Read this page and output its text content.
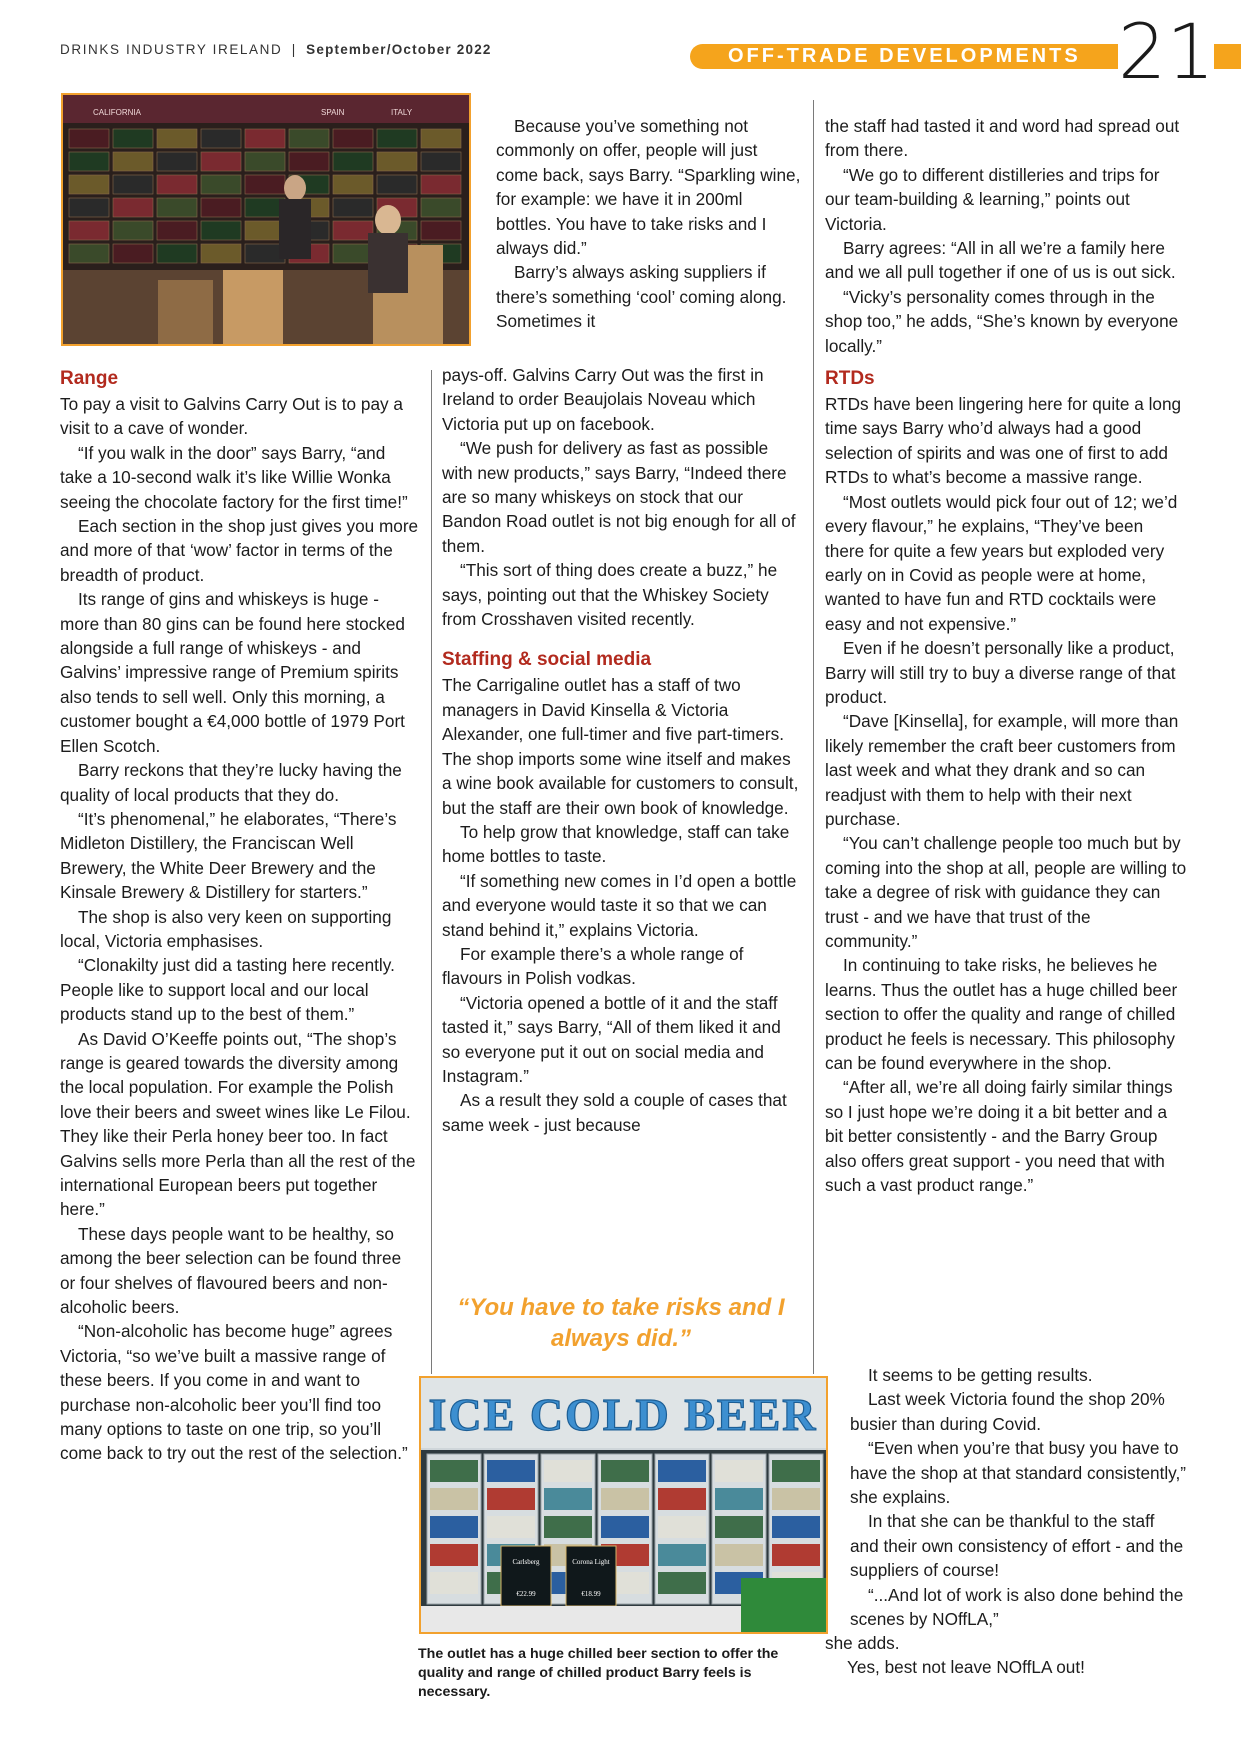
DRINKS INDUSTRY IRELAND | September/October 2022	OFF-TRADE DEVELOPMENTS 21
CALIFORNIA	SPAIN	ITALY
Range

To pay a visit to Galvins Carry Out is to pay a visit to a cave of wonder.

“If you walk in the door” says Barry, “and take a 10-second walk it’s like Willie Wonka seeing the chocolate factory for the first time!”

Each section in the shop just gives you more and more of that ‘wow’ factor in terms of the breadth of product.

Its range of gins and whiskeys is huge - more than 80 gins can be found here stocked alongside a full range of whiskeys - and Galvins’ impressive range of Premium spirits also tends to sell well. Only this morning, a customer bought a €4,000 bottle of 1979 Port Ellen Scotch.

Barry reckons that they’re lucky having the quality of local products that they do.

“It’s phenomenal,” he elaborates, “There’s Midleton Distillery, the Franciscan Well Brewery, the White Deer Brewery and the Kinsale Brewery & Distillery for starters.”

The shop is also very keen on supporting local, Victoria emphasises.

“Clonakilty just did a tasting here recently. People like to support local and our local products stand up to the best of them.”

As David O’Keeffe points out, “The shop’s range is geared towards the diversity among the local population. For example the Polish love their beers and sweet wines like Le Filou. They like their Perla honey beer too. In fact Galvins sells more Perla than all the rest of the international European beers put together here.”

These days people want to be healthy, so among the beer selection can be found three or four shelves of flavoured beers and non-alcoholic beers.

“Non-alcoholic has become huge” agrees Victoria, “so we’ve built a massive range of these beers. If you come in and want to purchase non-alcoholic beer you’ll find too many options to taste on one trip, so you’ll come back to try out the rest of the selection.”

Because you’ve something not commonly on offer, people will just come back, says Barry. “Sparkling wine, for example: we have it in 200ml bottles. You have to take risks and I always did.”

Barry’s always asking suppliers if there’s something ‘cool’ coming along. Sometimes it

pays-off. Galvins Carry Out was the first in Ireland to order Beaujolais Noveau which Victoria put up on facebook.

“We push for delivery as fast as possible with new products,” says Barry, “Indeed there are so many whiskeys on stock that our Bandon Road outlet is not big enough for all of them.

“This sort of thing does create a buzz,” he says, pointing out that the Whiskey Society from Crosshaven visited recently.

Staffing & social media

The Carrigaline outlet has a staff of two managers in David Kinsella & Victoria Alexander, one full-timer and five part-timers. The shop imports some wine itself and makes a wine book available for customers to consult, but the staff are their own book of knowledge.

To help grow that knowledge, staff can take home bottles to taste.

“If something new comes in I’d open a bottle and everyone would taste it so that we can stand behind it,” explains Victoria.

For example there’s a whole range of flavours in Polish vodkas.

“Victoria opened a bottle of it and the staff tasted it,” says Barry, “All of them liked it and so everyone put it out on social media and Instagram.”

As a result they sold a couple of cases that same week - just because

“You have to take risks and I always did.”
ICE COLD BEER
Carlsberg
€22.99
Corona Light
€18.99
The outlet has a huge chilled beer section to offer the quality and range of chilled product Barry feels is necessary.

the staff had tasted it and word had spread out from there.

“We go to different distilleries and trips for our team-building & learning,” points out Victoria.

Barry agrees: “All in all we’re a family here and we all pull together if one of us is out sick.

“Vicky’s personality comes through in the shop too,” he adds, “She’s known by everyone locally.”

RTDs

RTDs have been lingering here for quite a long time says Barry who’d always had a good selection of spirits and was one of first to add RTDs to what’s become a massive range.

“Most outlets would pick four out of 12; we’d every flavour,” he explains, “They’ve been there for quite a few years but exploded very early on in Covid as people were at home, wanted to have fun and RTD cocktails were easy and not expensive.”

Even if he doesn’t personally like a product, Barry will still try to buy a diverse range of that product.

“Dave [Kinsella], for example, will more than likely remember the craft beer customers from last week and what they drank and so can readjust with them to help with their next purchase.

“You can’t challenge people too much but by coming into the shop at all, people are willing to take a degree of risk with guidance they can trust - and we have that trust of the community.”

In continuing to take risks, he believes he learns. Thus the outlet has a huge chilled beer section to offer the quality and range of chilled product he feels is necessary. This philosophy can be found everywhere in the shop.

“After all, we’re all doing fairly similar things so I just hope we’re doing it a bit better and a bit better consistently - and the Barry Group also offers great support - you need that with such a vast product range.”

It seems to be getting results.

Last week Victoria found the shop 20% busier than during Covid.

“Even when you’re that busy you have to have the shop at that standard consistently,” she explains.

In that she can be thankful to the staff and their own consistency of effort - and the suppliers of course!

“...And lot of work is also done behind the scenes by NOffLA,”

she adds.

Yes, best not leave NOffLA out!
